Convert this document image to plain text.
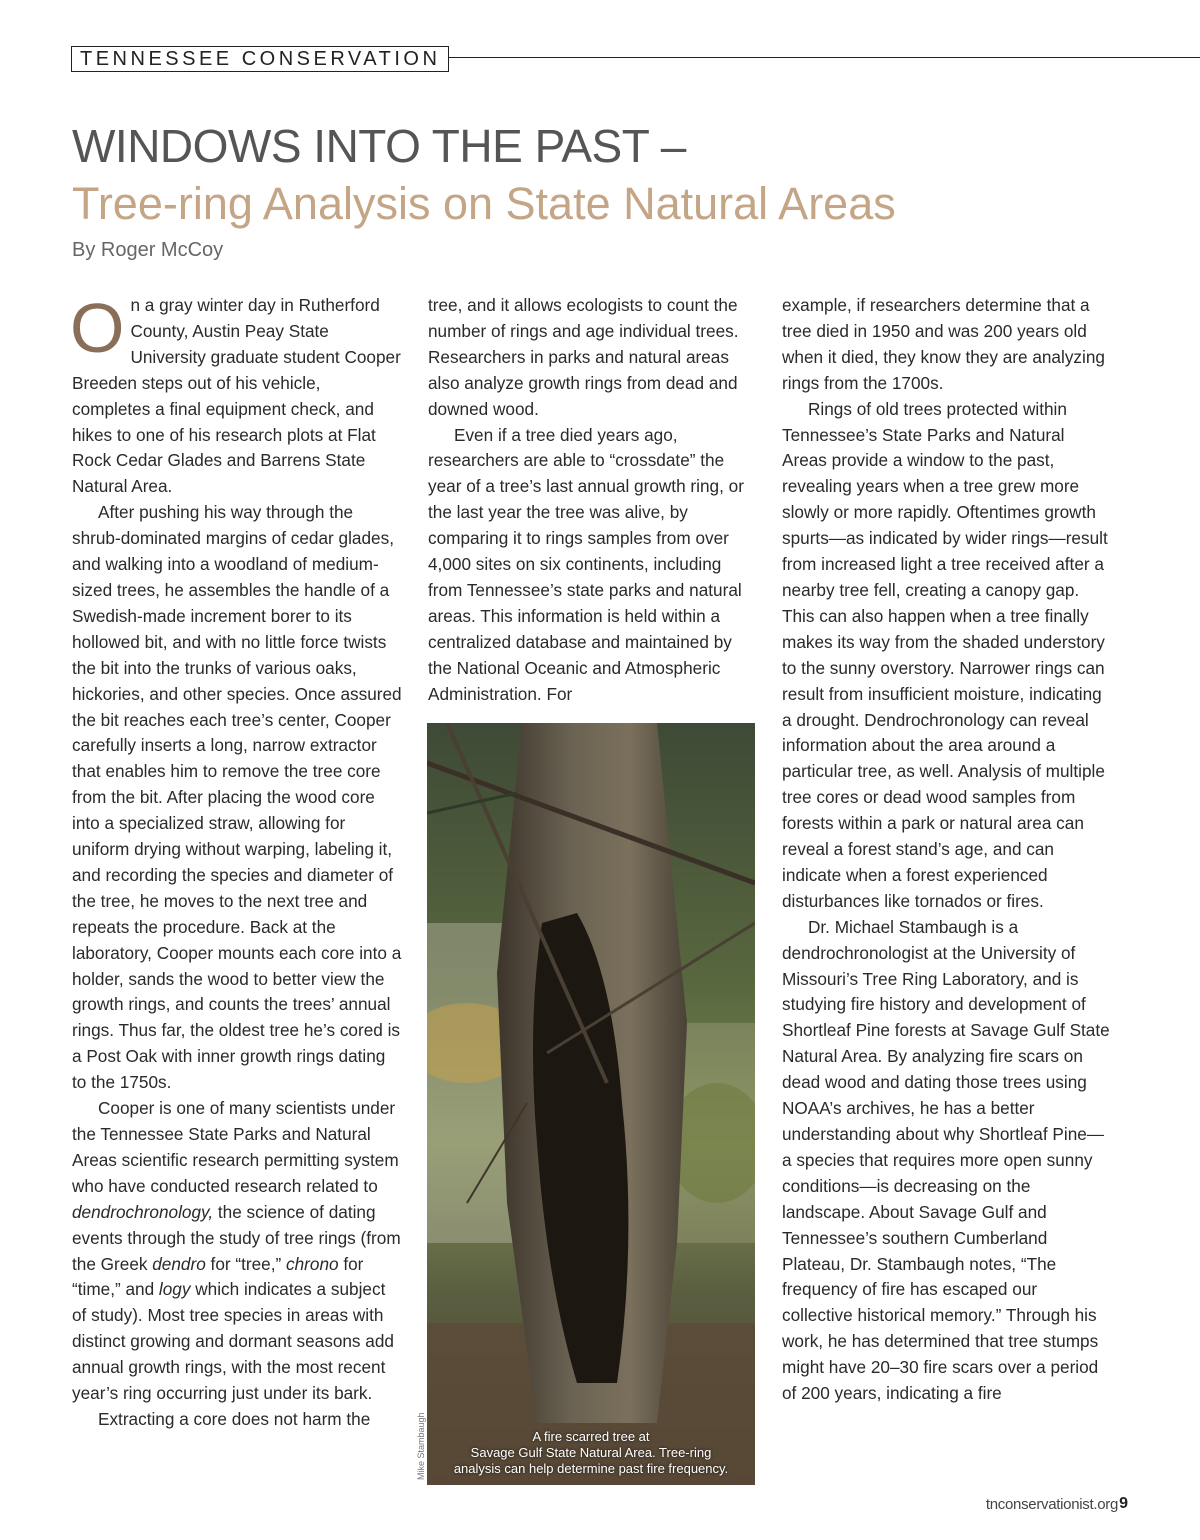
TENNESSEE CONSERVATION
WINDOWS INTO THE PAST –
Tree-ring Analysis on State Natural Areas
By Roger McCoy

On a gray winter day in Rutherford County, Austin Peay State University graduate student Cooper Breeden steps out of his vehicle, completes a final equipment check, and hikes to one of his research plots at Flat Rock Cedar Glades and Barrens State Natural Area.

After pushing his way through the shrub-dominated margins of cedar glades, and walking into a woodland of medium-sized trees, he assembles the handle of a Swedish-made increment borer to its hollowed bit, and with no little force twists the bit into the trunks of various oaks, hickories, and other species. Once assured the bit reaches each tree’s center, Cooper carefully inserts a long, narrow extractor that enables him to remove the tree core from the bit. After placing the wood core into a specialized straw, allowing for uniform drying without warping, labeling it, and recording the species and diameter of the tree, he moves to the next tree and repeats the procedure. Back at the laboratory, Cooper mounts each core into a holder, sands the wood to better view the growth rings, and counts the trees’ annual rings. Thus far, the oldest tree he’s cored is a Post Oak with inner growth rings dating to the 1750s.

Cooper is one of many scientists under the Tennessee State Parks and Natural Areas scientific research permitting system who have conducted research related to dendrochronology, the science of dating events through the study of tree rings (from the Greek dendro for “tree,” chrono for “time,” and logy which indicates a subject of study). Most tree species in areas with distinct growing and dormant seasons add annual growth rings, with the most recent year’s ring occurring just under its bark.

Extracting a core does not harm the

tree, and it allows ecologists to count the number of rings and age individual trees. Researchers in parks and natural areas also analyze growth rings from dead and downed wood.

Even if a tree died years ago, researchers are able to “crossdate” the year of a tree’s last annual growth ring, or the last year the tree was alive, by comparing it to rings samples from over 4,000 sites on six continents, including from Tennessee’s state parks and natural areas. This information is held within a centralized database and maintained by the National Oceanic and Atmospheric Administration. For

A fire scarred tree at
Savage Gulf State Natural Area. Tree-ring
analysis can help determine past fire frequency.
Mike Stambaugh

example, if researchers determine that a tree died in 1950 and was 200 years old when it died, they know they are analyzing rings from the 1700s.

Rings of old trees protected within Tennessee’s State Parks and Natural Areas provide a window to the past, revealing years when a tree grew more slowly or more rapidly. Oftentimes growth spurts—as indicated by wider rings—result from increased light a tree received after a nearby tree fell, creating a canopy gap. This can also happen when a tree finally makes its way from the shaded understory to the sunny overstory. Narrower rings can result from insufficient moisture, indicating a drought. Dendrochronology can reveal information about the area around a particular tree, as well. Analysis of multiple tree cores or dead wood samples from forests within a park or natural area can reveal a forest stand’s age, and can indicate when a forest experienced disturbances like tornados or fires.

Dr. Michael Stambaugh is a dendrochronologist at the University of Missouri’s Tree Ring Laboratory, and is studying fire history and development of Shortleaf Pine forests at Savage Gulf State Natural Area. By analyzing fire scars on dead wood and dating those trees using NOAA’s archives, he has a better understanding about why Shortleaf Pine—a species that requires more open sunny conditions—is decreasing on the landscape. About Savage Gulf and Tennessee’s southern Cumberland Plateau, Dr. Stambaugh notes, “The frequency of fire has escaped our collective historical memory.” Through his work, he has determined that tree stumps might have 20–30 fire scars over a period of 200 years, indicating a fire

tnconservationist.org 9
